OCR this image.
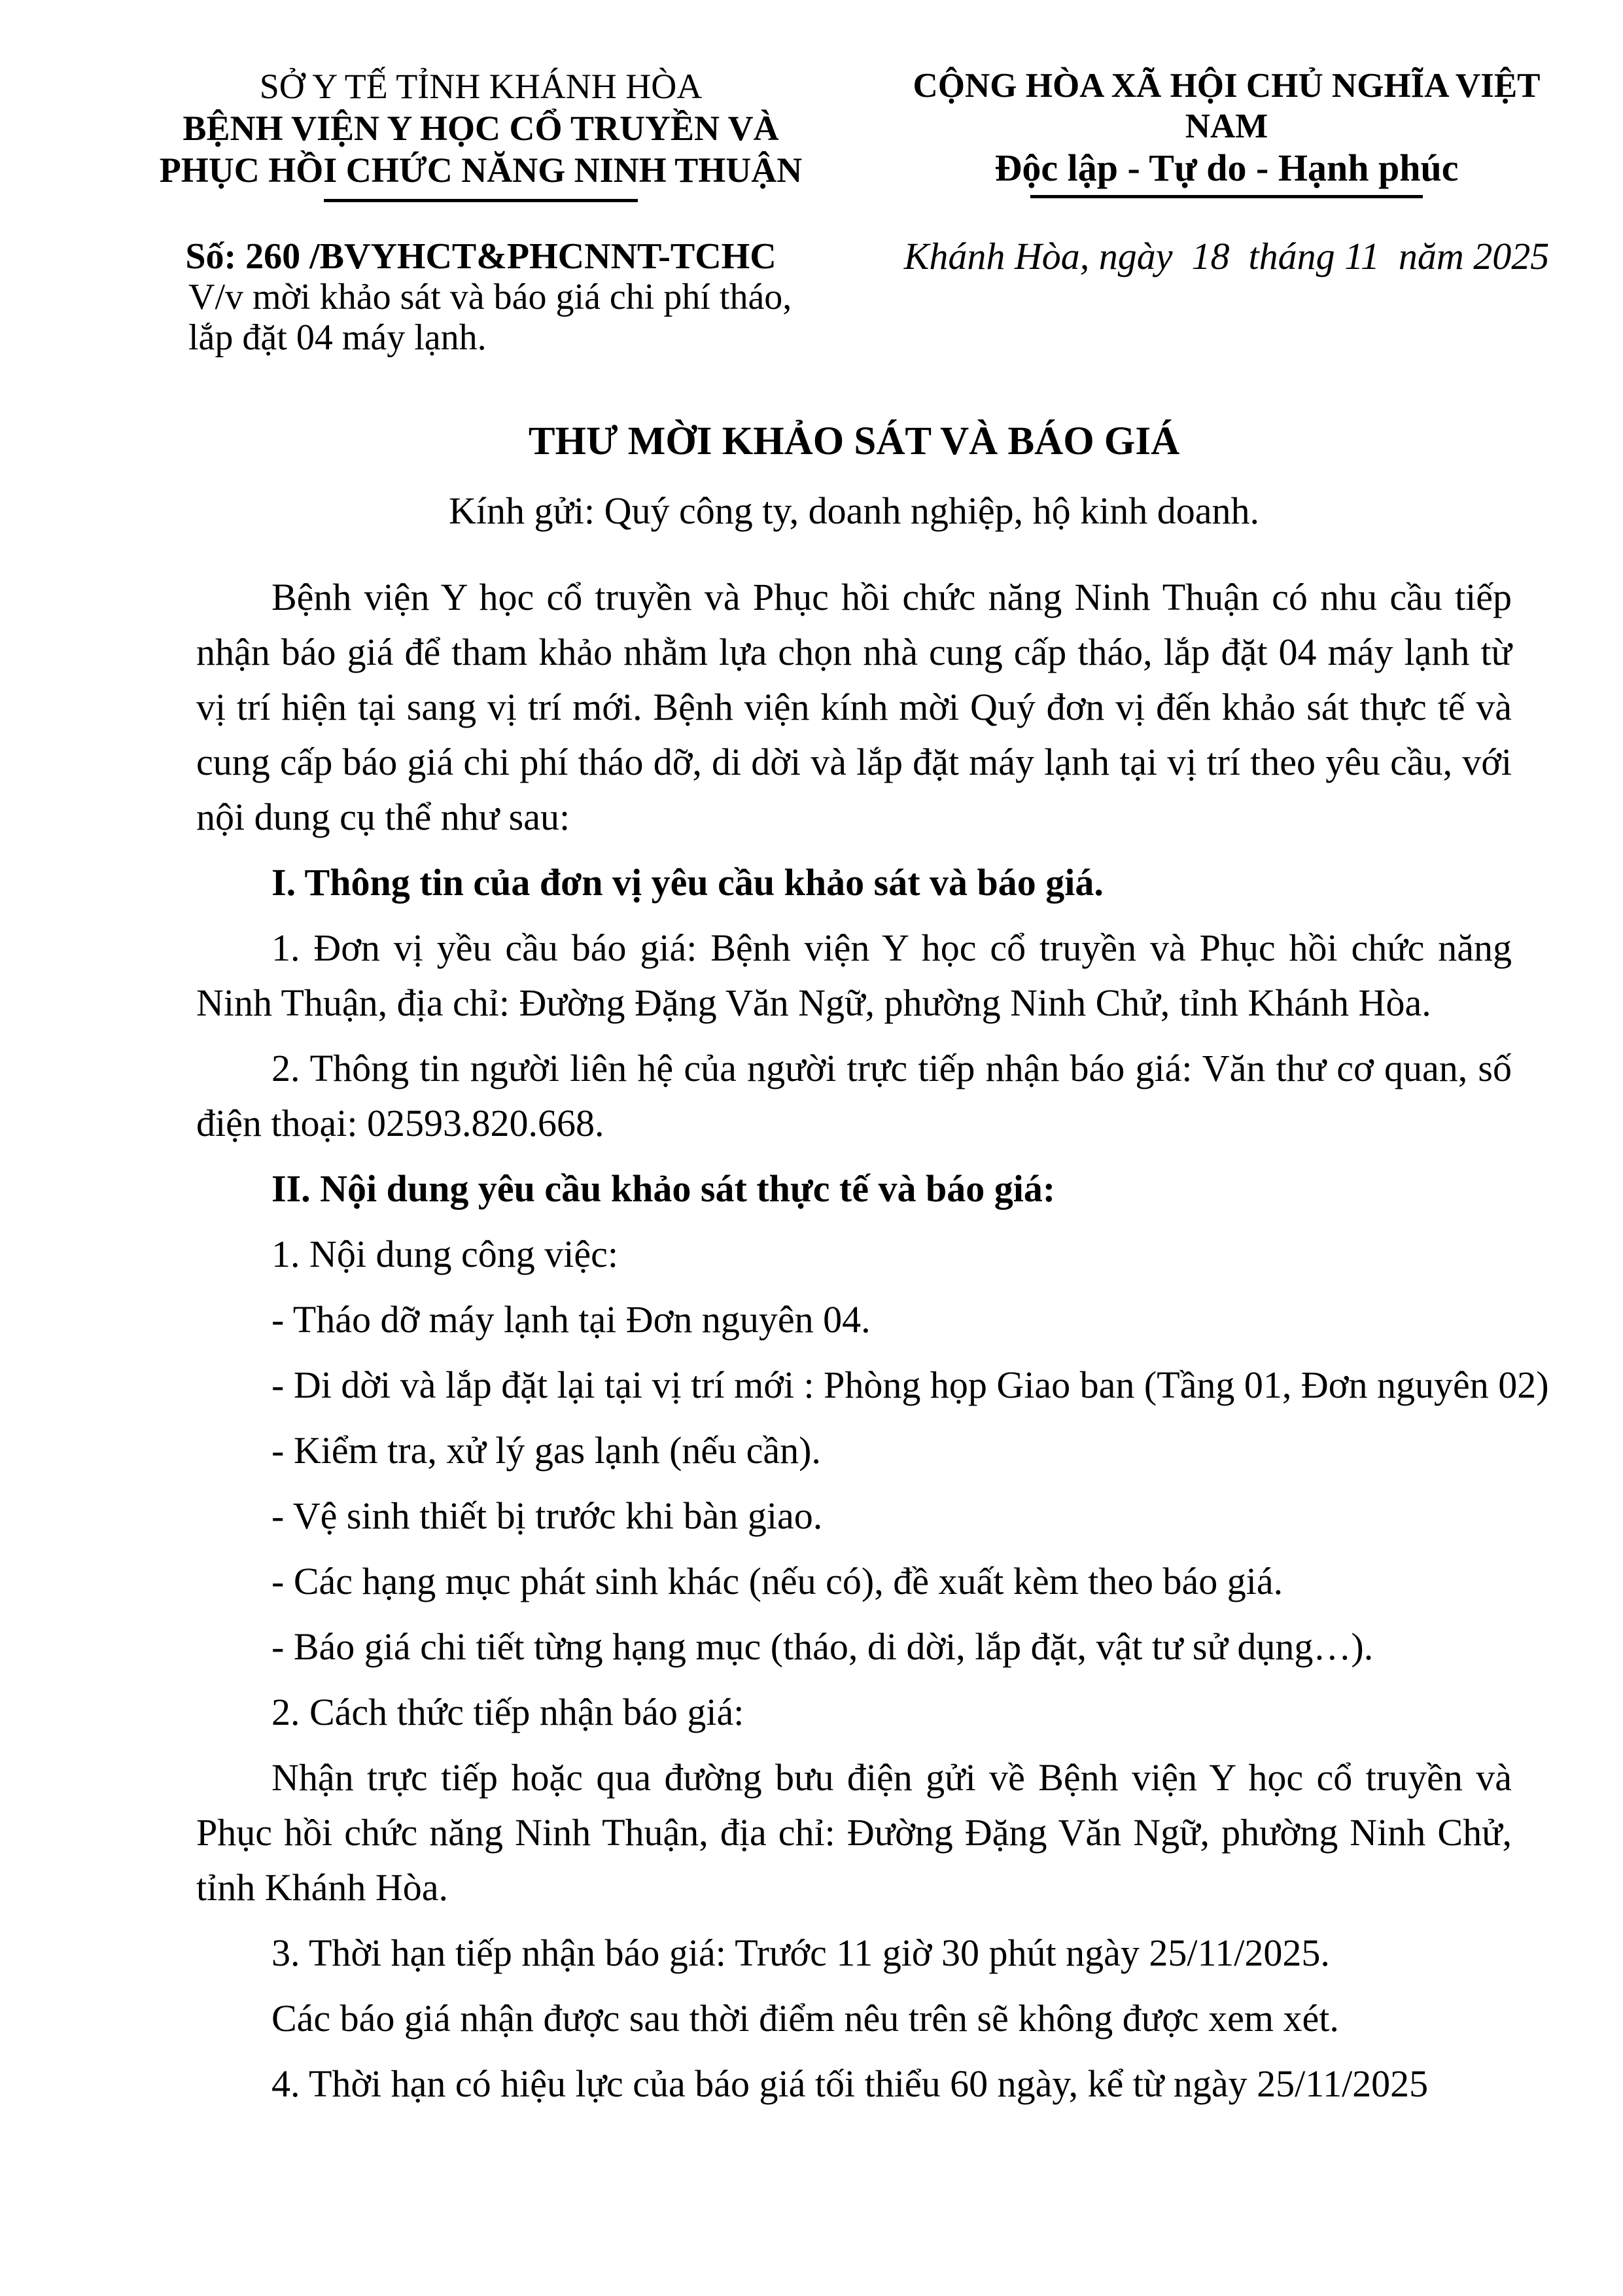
SỞ Y TẾ TỈNH KHÁNH HÒA
BỆNH VIỆN Y HỌC CỔ TRUYỀN VÀ
PHỤC HỒI CHỨC NĂNG NINH THUẬN
CỘNG HÒA XÃ HỘI CHỦ NGHĨA VIỆT NAM
Độc lập - Tự do - Hạnh phúc
Số: 260 /BVYHCT&PHCNNT-TCHC
V/v mời khảo sát và báo giá chi phí tháo,
lắp đặt 04 máy lạnh.
Khánh Hòa, ngày  18  tháng 11  năm 2025
THƯ MỜI KHẢO SÁT VÀ BÁO GIÁ
Kính gửi: Quý công ty, doanh nghiệp, hộ kinh doanh.

Bệnh viện Y học cổ truyền và Phục hồi chức năng Ninh Thuận có nhu cầu tiếp nhận báo giá để tham khảo nhằm lựa chọn nhà cung cấp tháo, lắp đặt 04 máy lạnh từ vị trí hiện tại sang vị trí mới. Bệnh viện kính mời Quý đơn vị đến khảo sát thực tế và cung cấp báo giá chi phí tháo dỡ, di dời và lắp đặt máy lạnh tại vị trí theo yêu cầu, với nội dung cụ thể như sau:

I. Thông tin của đơn vị yêu cầu khảo sát và báo giá.

1. Đơn vị yều cầu báo giá: Bệnh viện Y học cổ truyền và Phục hồi chức năng Ninh Thuận, địa chỉ: Đường Đặng Văn Ngữ, phường Ninh Chử, tỉnh Khánh Hòa.

2. Thông tin người liên hệ của người trực tiếp nhận báo giá: Văn thư cơ quan, số điện thoại: 02593.820.668.

II. Nội dung yêu cầu khảo sát thực tế và báo giá:

1. Nội dung công việc:

- Tháo dỡ máy lạnh tại Đơn nguyên 04.

- Di dời và lắp đặt lại tại vị trí mới : Phòng họp Giao ban (Tầng 01, Đơn nguyên 02)

- Kiểm tra, xử lý gas lạnh (nếu cần).

- Vệ sinh thiết bị trước khi bàn giao.

- Các hạng mục phát sinh khác (nếu có), đề xuất kèm theo báo giá.

- Báo giá chi tiết từng hạng mục (tháo, di dời, lắp đặt, vật tư sử dụng…).

2. Cách thức tiếp nhận báo giá:

Nhận trực tiếp hoặc qua đường bưu điện gửi về Bệnh viện Y học cổ truyền và Phục hồi chức năng Ninh Thuận, địa chỉ: Đường Đặng Văn Ngữ, phường Ninh Chử, tỉnh Khánh Hòa.

3. Thời hạn tiếp nhận báo giá: Trước 11 giờ 30 phút ngày 25/11/2025.

Các báo giá nhận được sau thời điểm nêu trên sẽ không được xem xét.

4. Thời hạn có hiệu lực của báo giá tối thiểu 60 ngày, kể từ ngày 25/11/2025
